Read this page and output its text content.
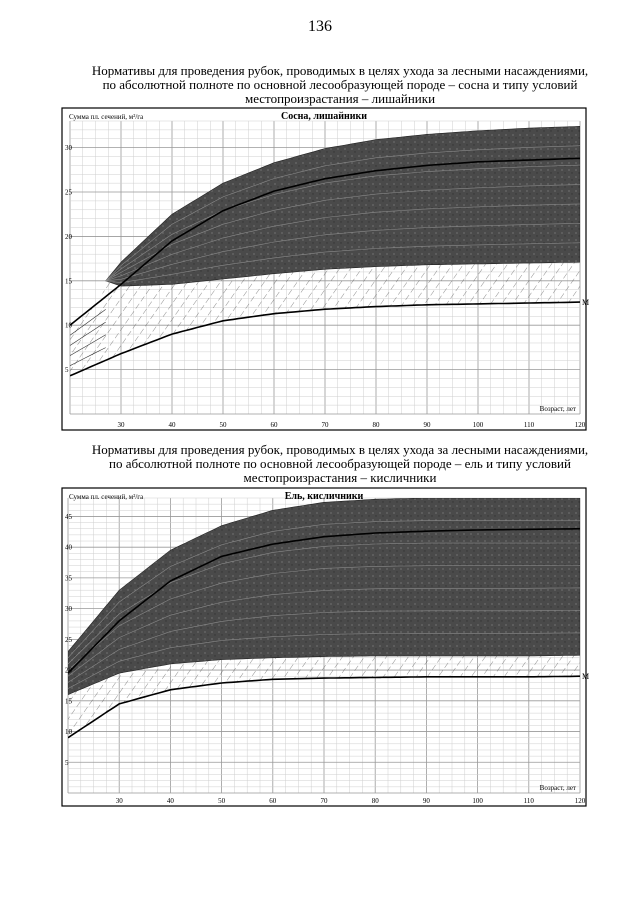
136
Нормативы для проведения рубок, проводимых в целях ухода за лесными насаждениями,
по абсолютной полноте по основной лесообразующей породе – сосна и типу условий
местопроизрастания – лишайники
Нормативы для проведения рубок, проводимых в целях ухода за лесными насаждениями,
по абсолютной полноте по основной лесообразующей породе – ель и типу условий
местопроизрастания – кисличники
М
Сосна, лишайники
Сумма пл. сечений, м²/га
Возраст, лет
30	40	50	60	70	80	90	100	110	120
5
10
15
20
25
30
М
Ель, кисличники
Сумма пл. сечений, м²/га
Возраст, лет
30	40	50	60	70	80	90	100	110	120
5
10
15
20
25
30
35
40
45
